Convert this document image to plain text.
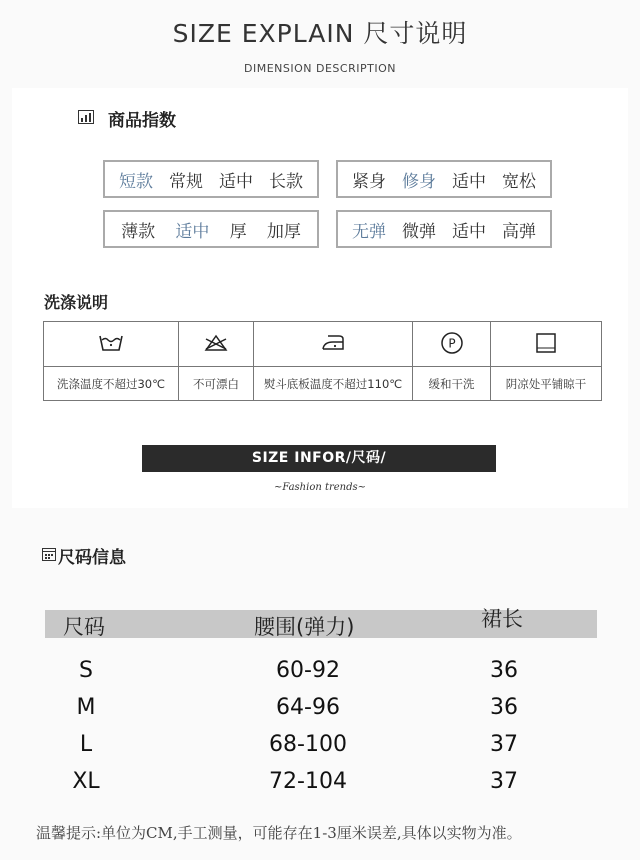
SIZE EXPLAIN 尺寸说明
DIMENSION DESCRIPTION
商品指数
短款 常规 适中 长款	紧身 修身 适中 宽松
薄款 适中 厚 加厚	无弹 微弹 适中 高弹
洗涤说明

P

洗涤温度不超过30℃	不可漂白	熨斗底板温度不超过110℃	缓和干洗	阴凉处平铺晾干
SIZE INFOR/尺码/
~Fashion trends~
尺码信息
尺码	腰围(弹力)	裙长
S	60-92	36
M	64-96	36
L	68-100	37
XL	72-104	37
温馨提示:单位为CM,手工测量，可能存在1-3厘米误差,具体以实物为准。
